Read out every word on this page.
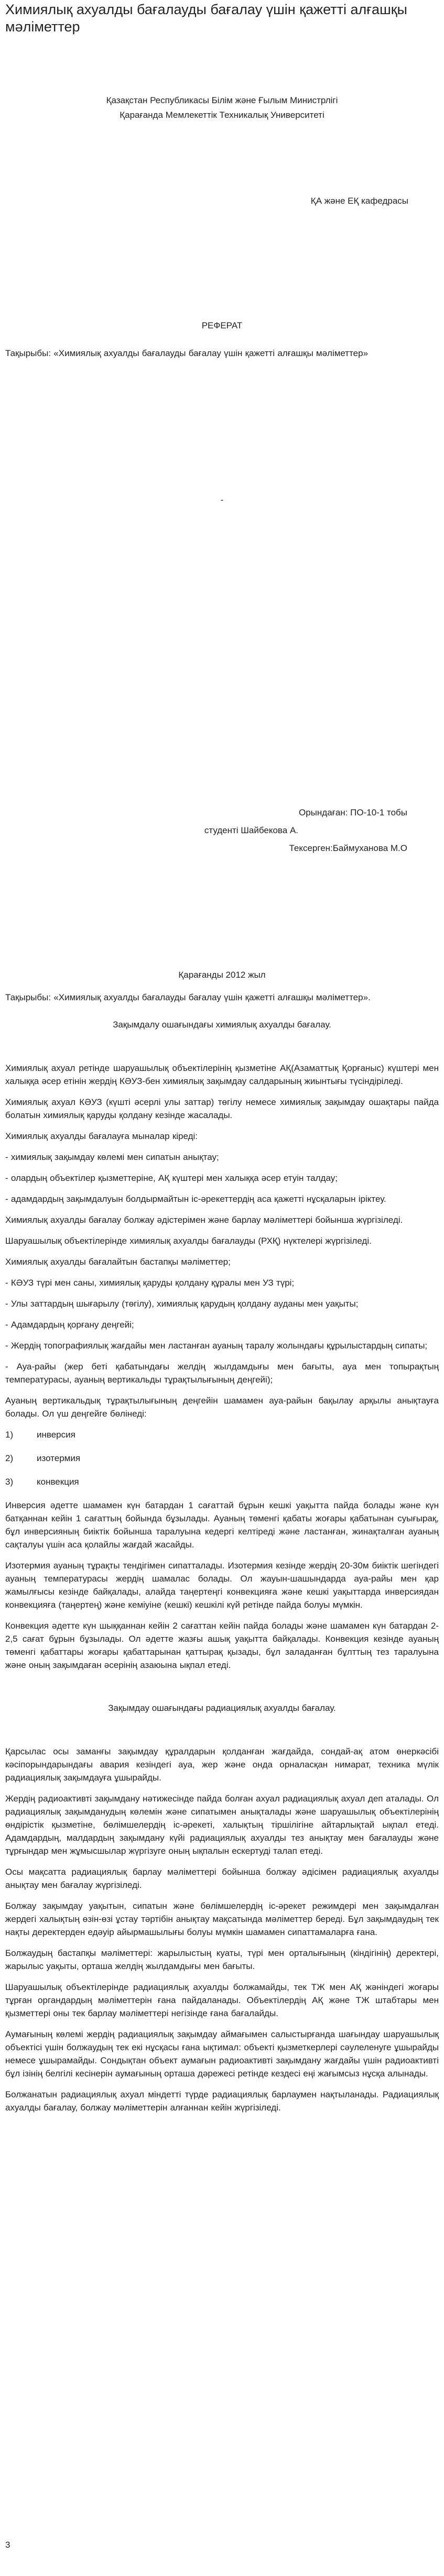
Химиялық ахуалды бағалауды бағалау үшін қажетті алғашқы мәліметтер
Қазақстан Республикасы Білім және Ғылым Министрлігі
Қарағанда Мемлекеттік Техникалық Университеті
ҚА және ЕҚ кафедрасы
РЕФЕРАТ

Тақырыбы: «Химиялық ахуалды бағалауды бағалау үшін қажетті алғашқы мәліметтер»

-
Орындаған: ПО-10-1 тобы
студенті Шайбекова А.
Тексерген:Баймуханова М.О
Қарағанды 2012 жыл

Тақырыбы: «Химиялық ахуалды бағалауды бағалау үшін қажетті алғашқы мәліметтер».

Зақымдалу ошағындағы химиялық ахуалды бағалау.

Химиялық ахуал ретінде шаруашылық объектілерінің қызметіне АҚ(Азаматтық Қорғаныс) күштері мен халыққа әсер етінін жердің КӘУЗ-бен химиялық зақымдау салдарының жиынтығы түсіндіріледі.

Химиялық ахуал КӘУЗ (күшті әсерлі улы заттар) төгілу немесе химиялық зақымдау ошақтары пайда болатын химиялық қаруды қолдану кезінде жасалады.

Химиялық ахуалды бағалауға мыналар кіреді:

- химиялық зақымдау көлемі мен сипатын анықтау;

- олардың объектілер қызметтеріне, АҚ күштері мен халыққа әсер етуін талдау;

- адамдардың зақымдалуын болдырмайтын іс-әрекеттердің аса қажетті нұсқаларын іріктеу.

Химиялық ахуалды бағалау болжау әдістерімен және барлау мәліметтері бойынша жүргізіледі.

Шаруашылық объектілерінде химиялық ахуалды бағалауды (РХҚ) нүктелері жүргізіледі.

Химиялық ахуалды бағалайтын бастапқы мәліметтер;

- КӘУЗ түрі мен саны, химиялық қаруды қолдану құралы мен УЗ түрі;

- Улы заттардың шығарылу (төгілу), химиялық қарудың қолдану ауданы мен уақыты;

- Адамдардың қорғану деңгейі;

- Жердің топографиялық жағдайы мен ластанған ауаның таралу жолындағы құрылыстардың сипаты;

- Ауа-райы (жер беті қабатындағы желдің жылдамдығы мен бағыты, ауа мен топырақтың температурасы, ауаның вертикальды тұрақтылығының деңгейі);

Ауаның вертикальдық тұрақтылығының деңгейін шамамен ауа-райын бақылау арқылы анықтауға болады. Ол үш деңгейге бөлінеді:

1)	инверсия

2)	изотермия

3)	конвекция

Инверсия әдетте шамамен күн батардан 1 сағаттай бұрын кешкі уақытта пайда болады және күн батқаннан кейін 1 сағаттың бойында бұзылады. Ауаның төменгі қабаты жоғары қабатынан суығырақ, бұл инверсияның биіктік бойынша таралуына кедергі келтіреді және ластанған, жинақталған ауаның сақталуы үшін аса қолайлы жағдай жасайды.

Изотермия ауаның тұрақты тендігімен сипатталады. Изотермия кезінде жердің 20-30м биіктік шегіндегі ауаның температурасы жердің шамалас болады. Ол жауын-шашындарда ауа-райы мен қар жамылғысы кезінде байқалады, алайда таңертеңгі конвекцияға және кешкі уақыттарда инверсиядан конвекцияға (таңертең) және кеміуіне (кешкі) кешкілі күй ретінде пайда болуы мүмкін.

Конвекция әдетте күн шыққаннан кейін 2 сағаттан кейін пайда болады және шамамен күн батардан 2-2,5 сағат бұрын бұзылады. Ол әдетте жазғы ашық уақытта байқалады. Конвекция кезінде ауаның төменгі қабаттары жоғары қабаттарынан қаттырақ қызады, бұл заладанған бұлттың тез таралуына және оның зақымдаған әсерінің азаюына ықпал етеді.

Зақымдау ошағындағы радиациялық ахуалды бағалау.

Қарсылас осы заманғы зақымдау құралдарын қолданған жағдайда, сондай-ақ атом өнеркәсібі кәсіпорындарындағы авария кезіндегі ауа, жер және онда орналасқан нимарат, техника мүлік радиациялық зақымдауға ұшырайды.

Жердің радиоактивті зақымдану нәтижесінде пайда болған ахуал радиациялық ахуал деп аталады. Ол радиациялық зақымданудың көлемін және сипатымен анықталады және шаруашылық объектілерінің өндірістік қызметіне, бөлімшелердің іс-әрекеті, халықтың тіршілігіне айтарлықтай ықпал етеді. Адамдардың, малдардың зақымдану күйі радиациялық ахуалды тез анықтау мен бағалауды және тұрғындар мен жұмысшылар жүргізуге оның ықпалын ескертуді талап етеді.

Осы мақсатта радиациялық барлау мәліметтері бойынша болжау әдісімен радиациялық ахуалды анықтау мен бағалау жүргізіледі.

Болжау зақымдау уақытын, сипатын және бөлімшелердің іс-әрекет режимдері мен зақымдалған жердегі халықтың өзін-өзі ұстау тәртібін анықтау мақсатында мәліметтер береді. Бұл зақымдаудың тек нақты деректерден едәуір айырмашылығы болуы мүмкін шамамен сипаттамаларға ғана.

Болжаудың бастапқы мәліметтері: жарылыстың куаты, түрі мен орталығының (кіндігінің) деректері, жарылыс уақыты, орташа желдің жылдамдығы мен бағыты.

Шаруашылық объектілерінде радиациялық ахуалды болжамайды, тек ТЖ мен АҚ жәніндегі жоғары тұрған органдардың мәліметтерін ғана пайдаланады. Объектілердің АҚ және ТЖ штабтары мен қызметтері оны тек барлау мәліметтері негізінде ғана бағалайды.

Аумағының көлемі жердің радиациялық зақымдау аймағымен салыстырғанда шағындау шаруашылық объектісі үшін болжаудың тек екі нұсқасы ғана ықтимал: объекті қызметкерлері сәулеленуге ұшырайды немесе ұшырамайды. Сондықтан объект аумағын радиоактивті зақымдану жағдайы үшін радиоактивті бұл ізінің белгілі кесінерін аумағының орташа дәрежесі ретінде кездесі еңі жағымсыз нұсқа алынады.

Болжанатын радиациялық ахуал міндетті түрде радиациялық барлаумен нақтыланады. Радиациялық ахуалды бағалау, болжау мәліметтерін алғаннан кейін жүргізіледі.

3
